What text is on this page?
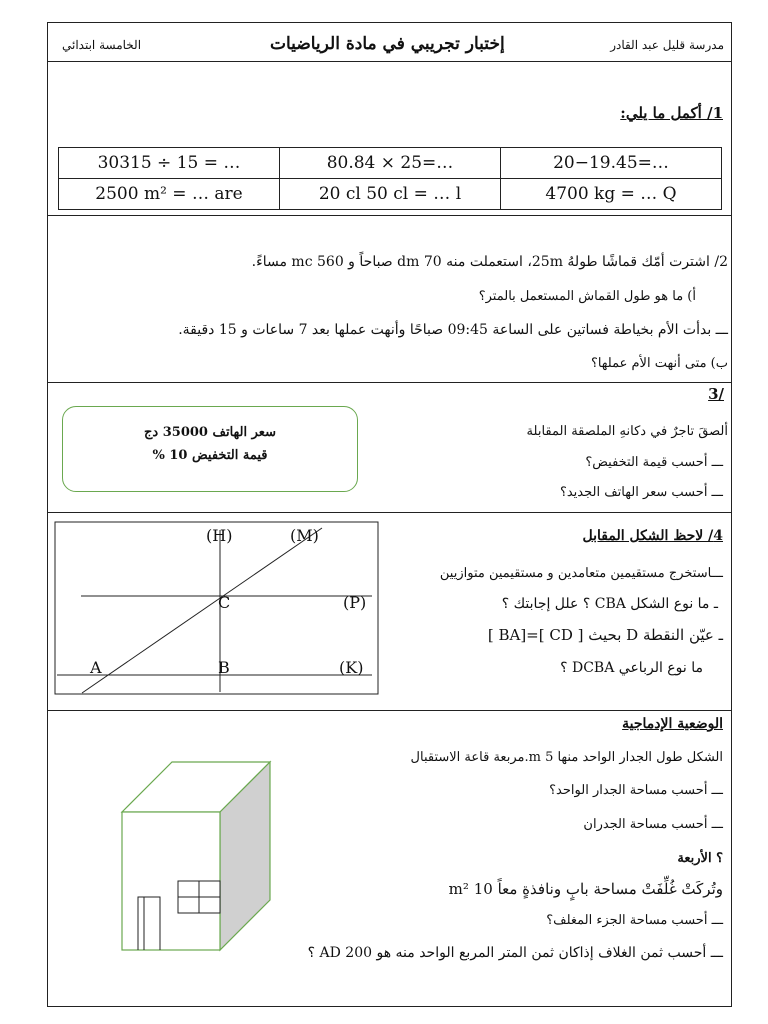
مدرسة قليل عبد القادر
إختبار تجريبي في مادة الرياضيات
الخامسة ابتدائي
1/ أكمل ما يلي:
30315 ÷ 15 = …	80.84 × 25=…	20−19.45=…
2500 m² = … are	20 cl 50 cl = … l	4700 kg = … Q
2/ اشترت أمّك قماشًا طولهُ 25m، استعملت منه 70 dm صباحاً و 560 mc مساءً.
أ) ما هو طول القماش المستعمل بالمتر؟
ـــ بدأت الأم بخياطة فساتين على الساعة 09:45 صباحًا وأنهت عملها بعد 7 ساعات و 15 دقيقة.
ب) متى أنهت الأم عملها؟
/3
ألصقَ تاجرٌ في دكانهِ الملصقة المقابلة
ـــ أحسب قيمة التخفيض؟
ـــ أحسب سعر الهاتف الجديد؟
سعر الهاتف 35000 دج
قيمة التخفيض 10 %
4/ لاحظ الشكل المقابل
ـــاستخرج مستقيمين متعامدين و مستقيمين متوازيين
ـ ما نوع الشكل CBA ؟ علل إجابتك ؟
ـ عيّن النقطة D بحيث [ CD ]=[BA ]
ما نوع الرباعي DCBA ؟
(H)	(M)
C	(P)
A	B	(K)
الوضعية الإدماجية
الشكل طول الجدار الواحد منها 5 m.مربعة قاعة الاستقبال
ـــ أحسب مساحة الجدار الواحد؟
ـــ أحسب مساحة الجدران
؟ الأربعة
وتُركَتْ غُلِّفَتْ مساحة بابٍ ونافذةٍ معاً 10 m²
ـــ أحسب مساحة الجزء المغلف؟
ـــ أحسب ثمن الغلاف إذاكان ثمن المتر المربع الواحد منه هو 200 AD ؟
